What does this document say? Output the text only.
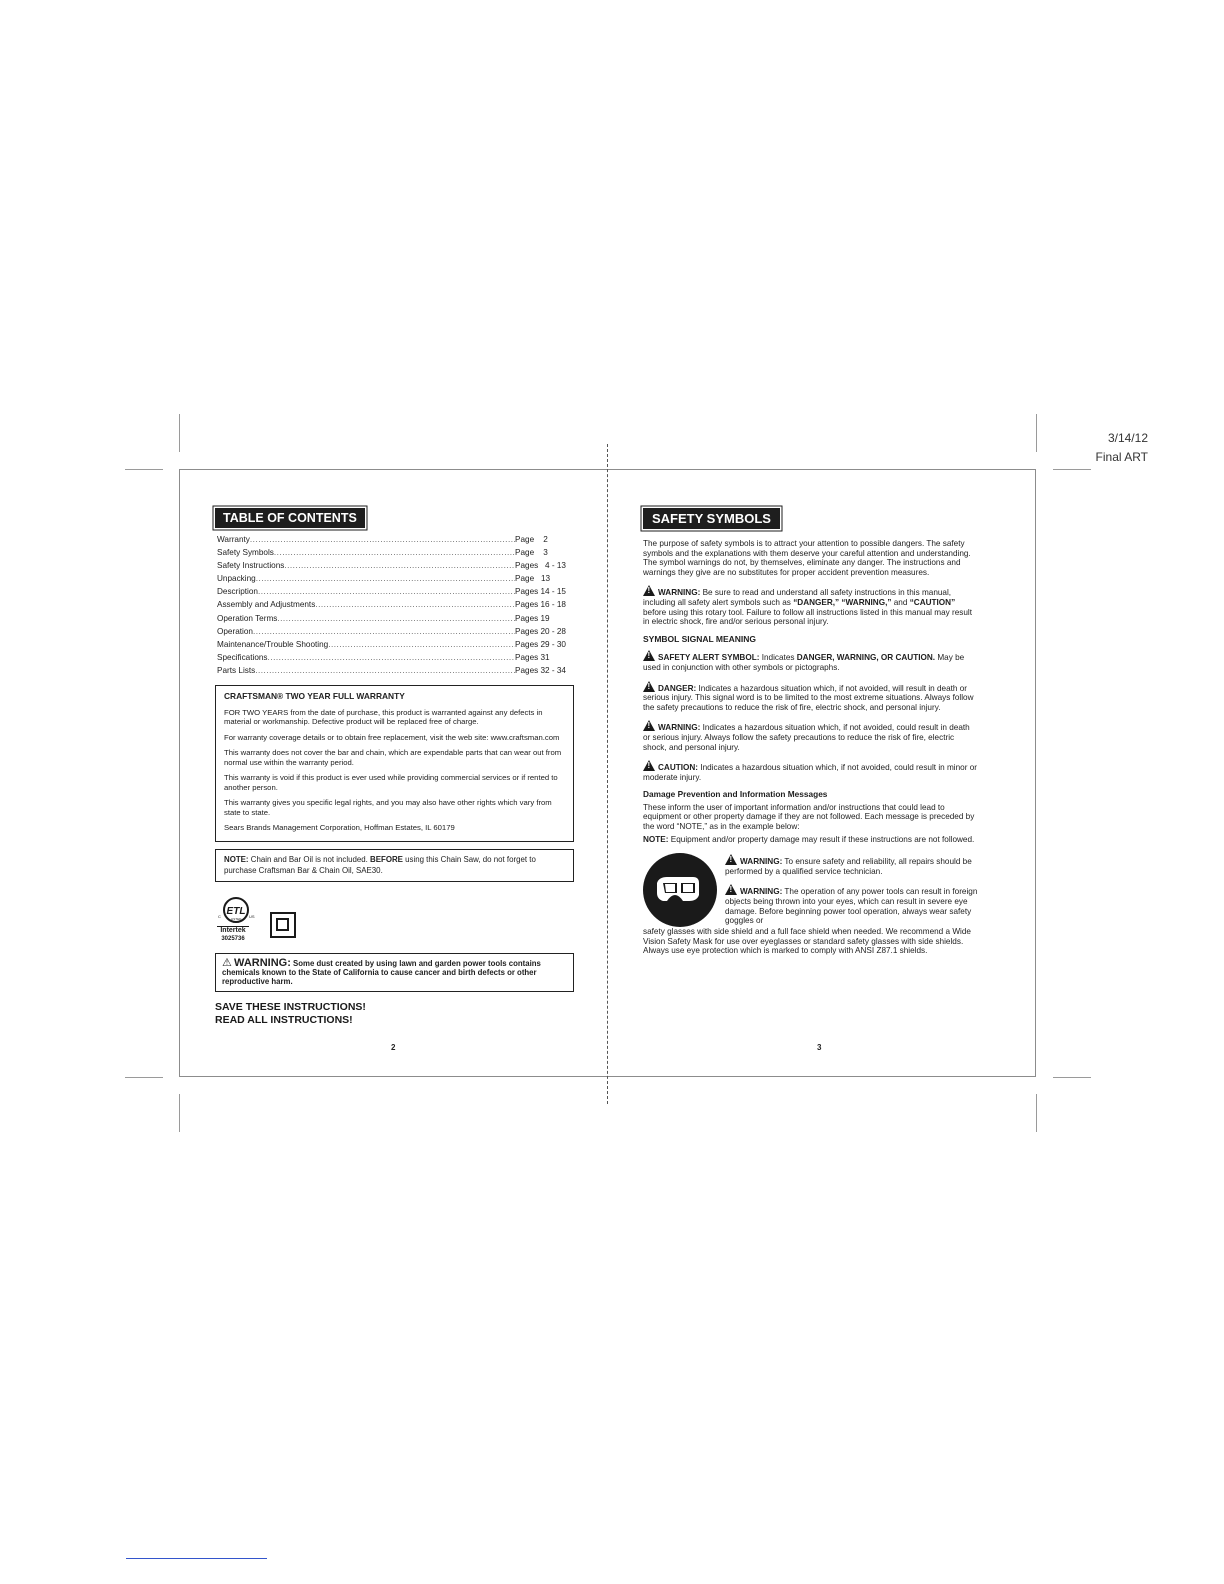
3/14/12
Final ART
TABLE OF CONTENTS
Warranty .....	Page    2
Safety Symbols .....	Page    3
Safety Instructions .....	Pages   4 - 13
Unpacking .....	Page   13
Description .....	Pages 14 - 15
Assembly and Adjustments .....	Pages 16 - 18
Operation Terms .....	Pages 19
Operation .....	Pages 20 - 28
Maintenance/Trouble Shooting .....	Pages 29 - 30
Specifications .....	Pages 31
Parts Lists .....	Pages 32 - 34

CRAFTSMAN® TWO YEAR FULL WARRANTY

FOR TWO YEARS from the date of purchase, this product is warranted against any defects in material or workmanship. Defective product will be replaced free of charge.

For warranty coverage details or to obtain free replacement, visit the web site: www.craftsman.com

This warranty does not cover the bar and chain, which are expendable parts that can wear out from normal use within the warranty period.

This warranty is void if this product is ever used while providing commercial services or if rented to another person.

This warranty gives you specific legal rights, and you may also have other rights which vary from state to state.

Sears Brands Management Corporation, Hoffman Estates, IL 60179

NOTE: Chain and Bar Oil is not included. BEFORE using this Chain Saw, do not forget to purchase Craftsman Bar & Chain Oil, SAE30.
ETL
LISTED
C	US
Intertek
3025736
⚠ WARNING: Some dust created by using lawn and garden power tools contains chemicals known to the State of California to cause cancer and birth defects or other reproductive harm.
SAVE THESE INSTRUCTIONS!
READ ALL INSTRUCTIONS!
2
SAFETY SYMBOLS

The purpose of safety symbols is to attract your attention to possible dangers. The safety symbols and the explanations with them deserve your careful attention and understanding. The symbol warnings do not, by themselves, eliminate any danger. The instructions and warnings they give are no substitutes for proper accident prevention measures.

!WARNING: Be sure to read and understand all safety instructions in this manual, including all safety alert symbols such as “DANGER,” “WARNING,” and “CAUTION” before using this rotary tool. Failure to follow all instructions listed in this manual may result in electric shock, fire and/or serious personal injury.

SYMBOL SIGNAL MEANING

!SAFETY ALERT SYMBOL: Indicates DANGER, WARNING, OR CAUTION. May be used in conjunction with other symbols or pictographs.

!DANGER: Indicates a hazardous situation which, if not avoided, will result in death or serious injury. This signal word is to be limited to the most extreme situations. Always follow the safety precautions to reduce the risk of fire, electric shock, and personal injury.

!WARNING: Indicates a hazardous situation which, if not avoided, could result in death or serious injury. Always follow the safety precautions to reduce the risk of fire, electric shock, and personal injury.

!CAUTION: Indicates a hazardous situation which, if not avoided, could result in minor or moderate injury.

Damage Prevention and Information Messages

These inform the user of important information and/or instructions that could lead to equipment or other property damage if they are not followed. Each message is preceded by the word “NOTE,” as in the example below:

NOTE: Equipment and/or property damage may result if these instructions are not followed.

!WARNING: To ensure safety and reliability, all repairs should be performed by a qualified service technician.

!WARNING: The operation of any power tools can result in foreign objects being thrown into your eyes, which can result in severe eye damage. Before beginning power tool operation, always wear safety goggles or

safety glasses with side shield and a full face shield when needed. We recommend a Wide Vision Safety Mask for use over eyeglasses or standard safety glasses with side shields. Always use eye protection which is marked to comply with ANSI Z87.1 shields.

3
